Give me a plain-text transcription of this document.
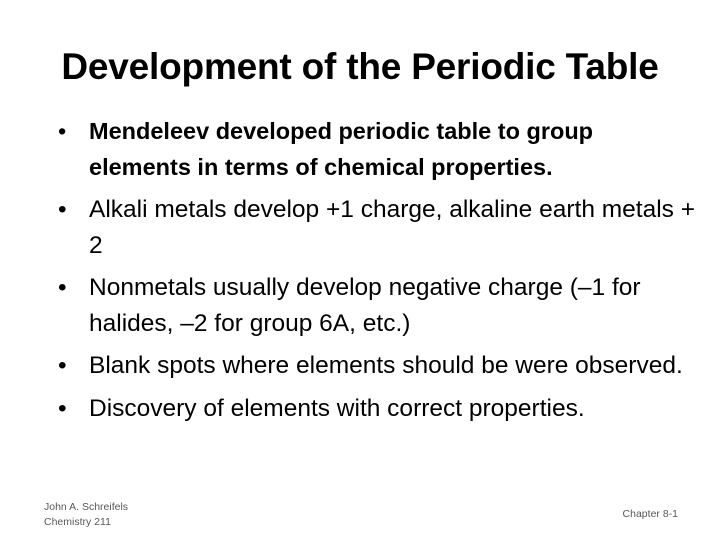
Development of the Periodic Table
• Mendeleev developed periodic table to group elements in terms of chemical properties.
• Alkali metals develop +1 charge, alkaline earth metals + 2
• Nonmetals usually develop negative charge (–1 for halides, –2 for group 6A, etc.)
• Blank spots where elements should be were observed.
• Discovery of elements with correct properties.
John A. Schreifels
Chemistry 211
Chapter 8-1
